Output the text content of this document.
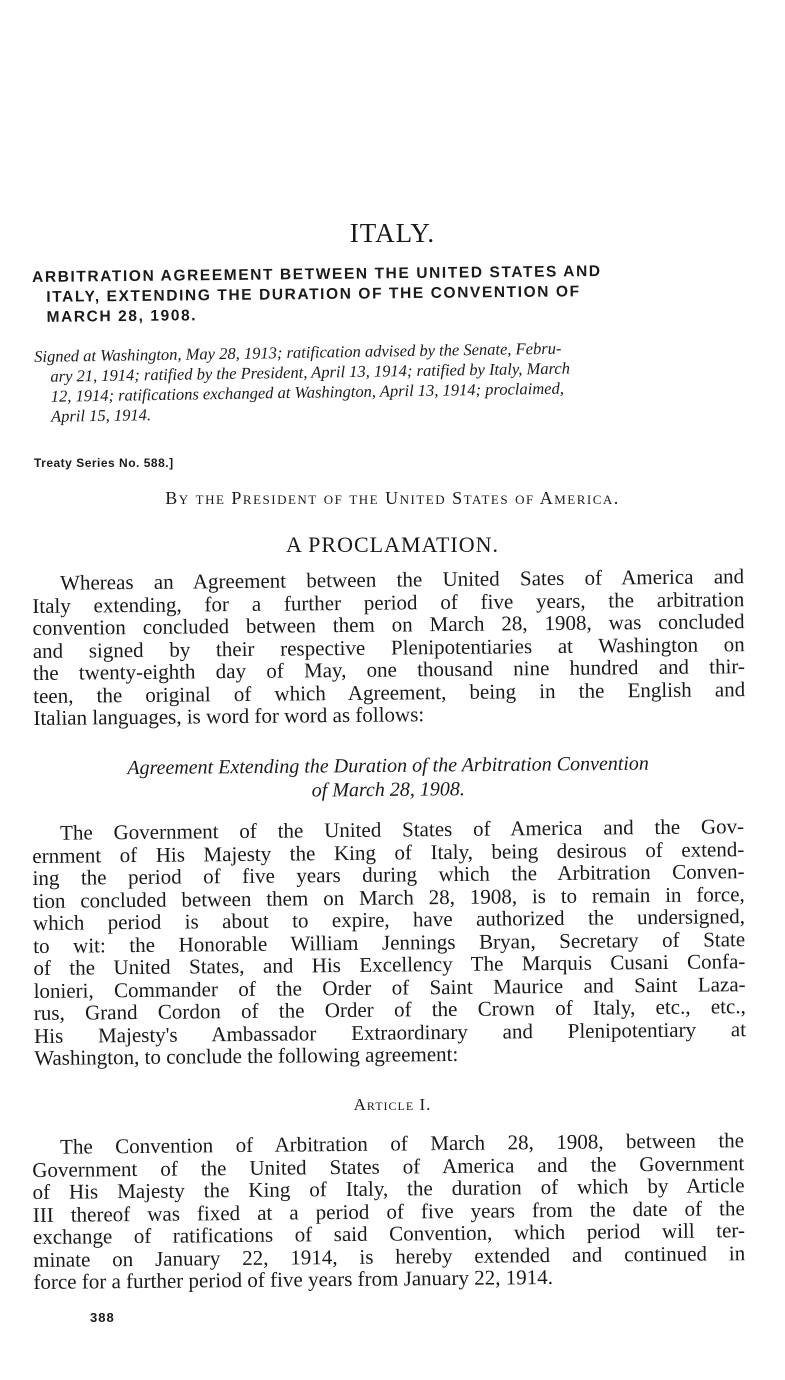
ITALY.
ARBITRATION AGREEMENT BETWEEN THE UNITED STATES AND
ITALY, EXTENDING THE DURATION OF THE CONVENTION OF
MARCH 28, 1908.
Signed at Washington, May 28, 1913; ratification advised by the Senate, Febru-
ary 21, 1914; ratified by the President, April 13, 1914; ratified by Italy, March
12, 1914; ratifications exchanged at Washington, April 13, 1914; proclaimed,
April 15, 1914.
Treaty Series No. 588.]
By the President of the United States of America.
A PROCLAMATION.
Whereas an Agreement between the United Sates of America and
Italy extending, for a further period of five years, the arbitration
convention concluded between them on March 28, 1908, was concluded
and signed by their respective Plenipotentiaries at Washington on
the twenty-eighth day of May, one thousand nine hundred and thir-
teen, the original of which Agreement, being in the English and
Italian languages, is word for word as follows:
Agreement Extending the Duration of the Arbitration Convention
of March 28, 1908.
The Government of the United States of America and the Gov-
ernment of His Majesty the King of Italy, being desirous of extend-
ing the period of five years during which the Arbitration Conven-
tion concluded between them on March 28, 1908, is to remain in force,
which period is about to expire, have authorized the undersigned,
to wit: the Honorable William Jennings Bryan, Secretary of State
of the United States, and His Excellency The Marquis Cusani Confa-
lonieri, Commander of the Order of Saint Maurice and Saint Laza-
rus, Grand Cordon of the Order of the Crown of Italy, etc., etc.,
His Majesty's Ambassador Extraordinary and Plenipotentiary at
Washington, to conclude the following agreement:
Article I.
The Convention of Arbitration of March 28, 1908, between the
Government of the United States of America and the Government
of His Majesty the King of Italy, the duration of which by Article
III thereof was fixed at a period of five years from the date of the
exchange of ratifications of said Convention, which period will ter-
minate on January 22, 1914, is hereby extended and continued in
force for a further period of five years from January 22, 1914.
388
